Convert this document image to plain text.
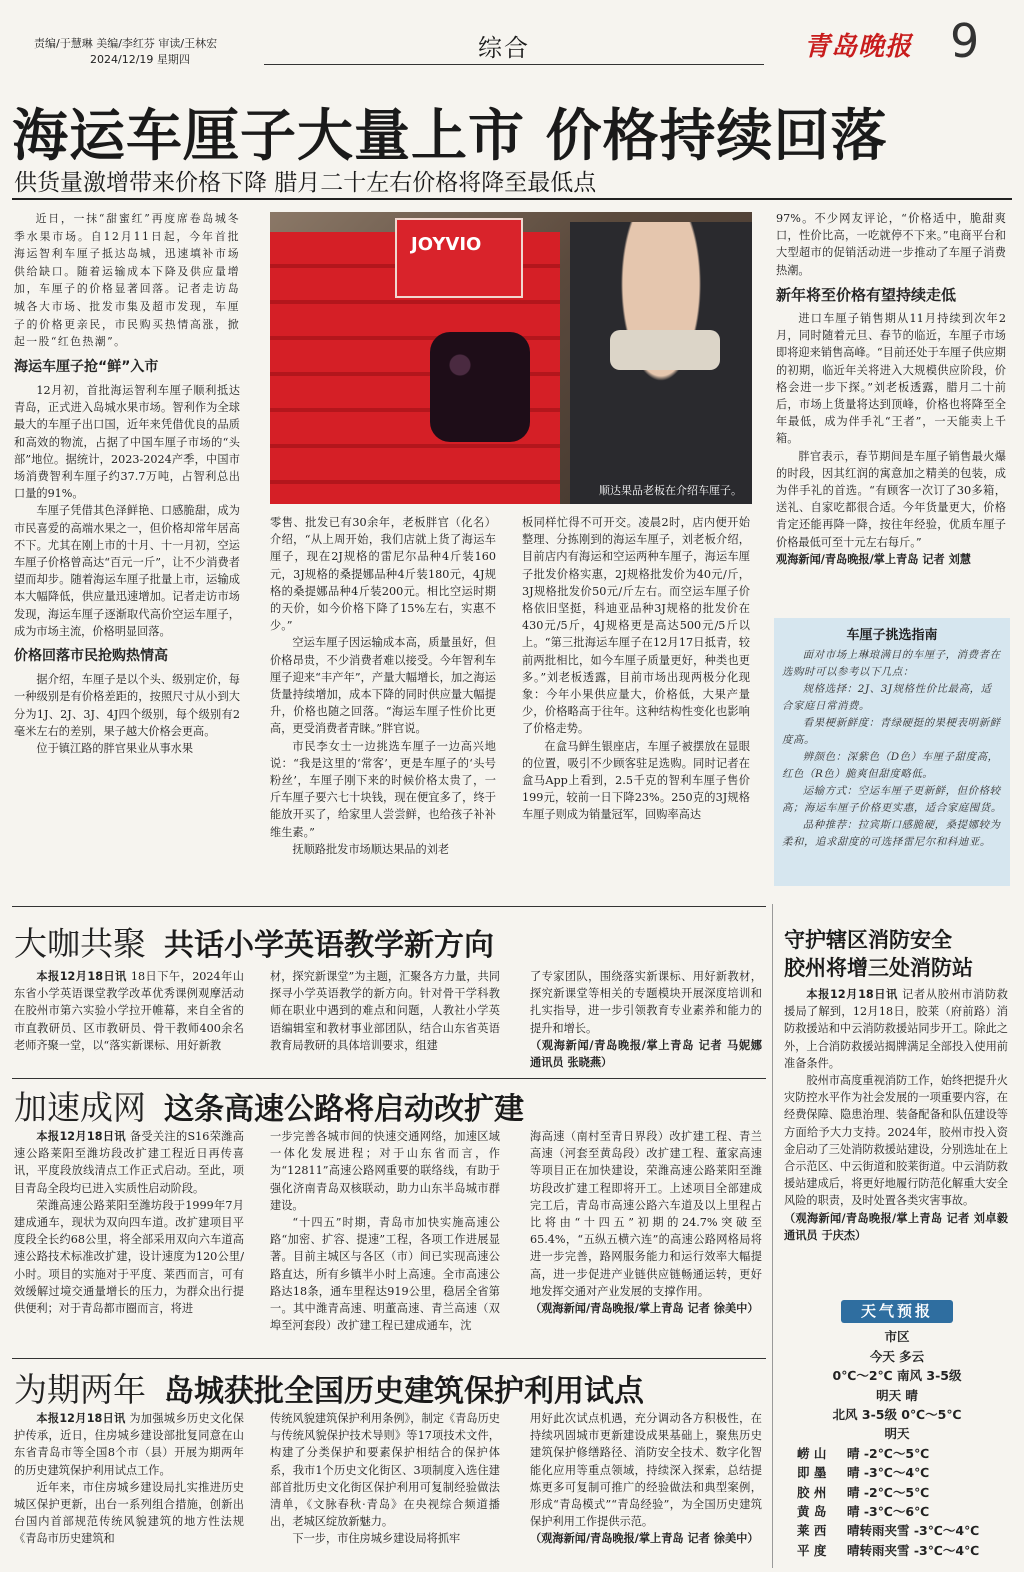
责编/于慧琳 美编/李红芬 审读/王林宏
2024/12/19 星期四	综合	青岛晚报 9
海运车厘子大量上市 价格持续回落
供货量激增带来价格下降 腊月二十左右价格将降至最低点

近日，一抹“甜蜜红”再度席卷岛城冬季水果市场。自12月11日起，今年首批海运智利车厘子抵达岛城，迅速填补市场供给缺口。随着运输成本下降及供应量增加，车厘子的价格显著回落。记者走访岛城各大市场、批发市集及超市发现，车厘子的价格更亲民，市民购买热情高涨，掀起一股“红色热潮”。

海运车厘子抢“鲜”入市

12月初，首批海运智利车厘子顺利抵达青岛，正式进入岛城水果市场。智利作为全球最大的车厘子出口国，近年来凭借优良的品质和高效的物流，占据了中国车厘子市场的“头部”地位。据统计，2023-2024产季，中国市场消费智利车厘子约37.7万吨，占智利总出口量的91%。

车厘子凭借其色泽鲜艳、口感脆甜，成为市民喜爱的高端水果之一，但价格却常年居高不下。尤其在刚上市的十月、十一月初，空运车厘子价格曾高达“百元一斤”，让不少消费者望而却步。随着海运车厘子批量上市，运输成本大幅降低，供应量迅速增加。记者走访市场发现，海运车厘子逐渐取代高价空运车厘子，成为市场主流，价格明显回落。

价格回落市民抢购热情高

据介绍，车厘子是以个头、级别定价，每一种级别是有价格差距的，按照尺寸从小到大分为1J、2J、3J、4J四个级别，每个级别有2毫米左右的差别，果子越大价格会更高。

位于镇江路的胖官果业从事水果

JOYVIO
顺达果品老板在介绍车厘子。

零售、批发已有30余年，老板胖官（化名）介绍，“从上周开始，我们店就上货了海运车厘子，现在2J规格的雷尼尔品种4斤装160元，3J规格的桑提娜品种4斤装180元，4J规格的桑提娜品种4斤装200元。相比空运时期的天价，如今价格下降了15%左右，实惠不少。”

空运车厘子因运输成本高，质量虽好，但价格昂贵，不少消费者难以接受。今年智利车厘子迎来“丰产年”，产量大幅增长，加之海运货量持续增加，成本下降的同时供应量大幅提升，价格也随之回落。“海运车厘子性价比更高，更受消费者青睐。”胖官说。

市民李女士一边挑选车厘子一边高兴地说：“我是这里的‘常客’，更是车厘子的‘头号粉丝’，车厘子刚下来的时候价格太贵了，一斤车厘子要六七十块钱，现在便宜多了，终于能放开买了，给家里人尝尝鲜，也给孩子补补维生素。”

抚顺路批发市场顺达果品的刘老

板同样忙得不可开交。凌晨2时，店内便开始整理、分拣刚到的海运车厘子，刘老板介绍，目前店内有海运和空运两种车厘子，海运车厘子批发价格实惠，2J规格批发价为40元/斤，3J规格批发价50元/斤左右。而空运车厘子价格依旧坚挺，科迪亚品种3J规格的批发价在430元/5斤，4J规格更是高达500元/5斤以上。“第三批海运车厘子在12月17日抵青，较前两批相比，如今车厘子质量更好，种类也更多。”刘老板透露，目前市场出现两极分化现象：今年小果供应量大，价格低，大果产量少，价格略高于往年。这种结构性变化也影响了价格走势。

在盒马鲜生银座店，车厘子被摆放在显眼的位置，吸引不少顾客驻足选购。同时记者在盒马App上看到，2.5千克的智利车厘子售价199元，较前一日下降23%。250克的3J规格车厘子则成为销量冠军，回购率高达

97%。不少网友评论，“价格适中，脆甜爽口，性价比高，一吃就停不下来。”电商平台和大型超市的促销活动进一步推动了车厘子消费热潮。

新年将至价格有望持续走低

进口车厘子销售期从11月持续到次年2月，同时随着元旦、春节的临近，车厘子市场即将迎来销售高峰。“目前还处于车厘子供应期的初期，临近年关将进入大规模供应阶段，价格会进一步下探。”刘老板透露，腊月二十前后，市场上货量将达到顶峰，价格也将降至全年最低，成为伴手礼“王者”，一天能卖上千箱。

胖官表示，春节期间是车厘子销售最火爆的时段，因其红润的寓意加之精美的包装，成为伴手礼的首选。“有顾客一次订了30多箱，送礼、自家吃都很合适。今年货量更大，价格肯定还能再降一降，按往年经验，优质车厘子价格最低可至十元左右每斤。”

观海新闻/青岛晚报/掌上青岛 记者 刘慧

车厘子挑选指南

面对市场上琳琅满目的车厘子，消费者在选购时可以参考以下几点：

规格选择：2J、3J规格性价比最高，适合家庭日常消费。

看果梗新鲜度：青绿硬挺的果梗表明新鲜度高。

辨颜色：深紫色（D色）车厘子甜度高，红色（R色）脆爽但甜度略低。

运输方式：空运车厘子更新鲜，但价格较高；海运车厘子价格更实惠，适合家庭囤货。

品种推荐：拉宾斯口感脆硬，桑提娜较为柔和，追求甜度的可选择雷尼尔和科迪亚。

大咖共聚 共话小学英语教学新方向

本报12月18日讯 18日下午，2024年山东省小学英语课堂教学改革优秀课例观摩活动在胶州市第六实验小学拉开帷幕，来自全省的市直教研员、区市教研员、骨干教师400余名老师齐聚一堂，以“落实新课标、用好新教

材，探究新课堂”为主题，汇聚各方力量，共同探寻小学英语教学的新方向。针对骨干学科教师在职业中遇到的难点和问题，人教社小学英语编辑室和教材事业部团队，结合山东省英语教育局教研的具体培训要求，组建

了专家团队，围绕落实新课标、用好新教材，探究新课堂等相关的专题模块开展深度培训和扎实指导，进一步引领教育专业素养和能力的提升和增长。

（观海新闻/青岛晚报/掌上青岛 记者 马妮娜 通讯员 张晓燕）

加速成网 这条高速公路将启动改扩建

本报12月18日讯 备受关注的S16荣潍高速公路莱阳至潍坊段改扩建工程近日再传喜讯，平度段放线清点工作正式启动。至此，项目青岛全段均已进入实质性启动阶段。

荣潍高速公路莱阳至潍坊段于1999年7月建成通车，现状为双向四车道。改扩建项目平度段全长约68公里，将全部采用双向六车道高速公路技术标准改扩建，设计速度为120公里/小时。项目的实施对于平度、莱西而言，可有效缓解过境交通量增长的压力，为群众出行提供便利；对于青岛都市圈而言，将进

一步完善各城市间的快速交通网络，加速区域一体化发展进程；对于山东省而言，作为“12811”高速公路网重要的联络线，有助于强化济南青岛双核联动，助力山东半岛城市群建设。

“十四五”时期，青岛市加快实施高速公路“加密、扩容、提速”工程，各项工作进展显著。目前主城区与各区（市）间已实现高速公路直达，所有乡镇半小时上高速。全市高速公路达18条，通车里程达919公里，稳居全省第一。其中潍青高速、明董高速、青兰高速（双埠至河套段）改扩建工程已建成通车，沈

海高速（南村至青日界段）改扩建工程、青兰高速（河套至黄岛段）改扩建工程、董家高速等项目正在加快建设，荣潍高速公路莱阳至潍坊段改扩建工程即将开工。上述项目全部建成完工后，青岛市高速公路六车道及以上里程占比将由“十四五”初期的24.7%突破至65.4%，“五纵五横六连”的高速公路网格局将进一步完善，路网服务能力和运行效率大幅提高，进一步促进产业链供应链畅通运转，更好地发挥交通对产业发展的支撑作用。

（观海新闻/青岛晚报/掌上青岛 记者 徐美中）

为期两年 岛城获批全国历史建筑保护利用试点

本报12月18日讯 为加强城乡历史文化保护传承，近日，住房城乡建设部批复同意在山东省青岛市等全国8个市（县）开展为期两年的历史建筑保护利用试点工作。

近年来，市住房城乡建设局扎实推进历史城区保护更新，出台一系列组合措施，创新出台国内首部规范传统风貌建筑的地方性法规《青岛市历史建筑和

传统风貌建筑保护利用条例》，制定《青岛历史与传统风貌保护技术导则》等17项技术文件，构建了分类保护和要素保护相结合的保护体系，我市1个历史文化街区、3项制度入选住建部首批历史文化街区保护利用可复制经验做法清单，《文脉春秋·青岛》在央视综合频道播出，老城区绽放新魅力。

下一步，市住房城乡建设局将抓牢

用好此次试点机遇，充分调动各方积极性，在持续巩固城市更新建设成果基础上，聚焦历史建筑保护修缮路径、消防安全技术、数字化智能化应用等重点领域，持续深入探索，总结提炼更多可复制可推广的经验做法和典型案例，形成“青岛模式”“青岛经验”，为全国历史建筑保护利用工作提供示范。

（观海新闻/青岛晚报/掌上青岛 记者 徐美中）

守护辖区消防安全
胶州将增三处消防站

本报12月18日讯 记者从胶州市消防救援局了解到，12月18日，胶莱（府前路）消防救援站和中云消防救援站同步开工。除此之外，上合消防救援站揭牌满足全部投入使用前准备条件。

胶州市高度重视消防工作，始终把提升火灾防控水平作为社会发展的一项重要内容，在经费保障、隐患治理、装备配备和队伍建设等方面给予大力支持。2024年，胶州市投入资金启动了三处消防救援站建设，分别选址在上合示范区、中云街道和胶莱街道。中云消防救援站建成后，将更好地履行防范化解重大安全风险的职责，及时处置各类灾害事故。

（观海新闻/青岛晚报/掌上青岛 记者 刘卓毅 通讯员 于庆杰）

天气预报
市区
今天 多云
0℃～2℃ 南风 3-5级
明天 晴
北风 3-5级 0℃～5℃
明天
崂 山 晴 -2℃～5℃
即 墨 晴 -3℃～4℃
胶 州 晴 -2℃～5℃
黄 岛 晴 -3℃～6℃
莱 西 晴转雨夹雪 -3℃～4℃
平 度 晴转雨夹雪 -3℃～4℃
